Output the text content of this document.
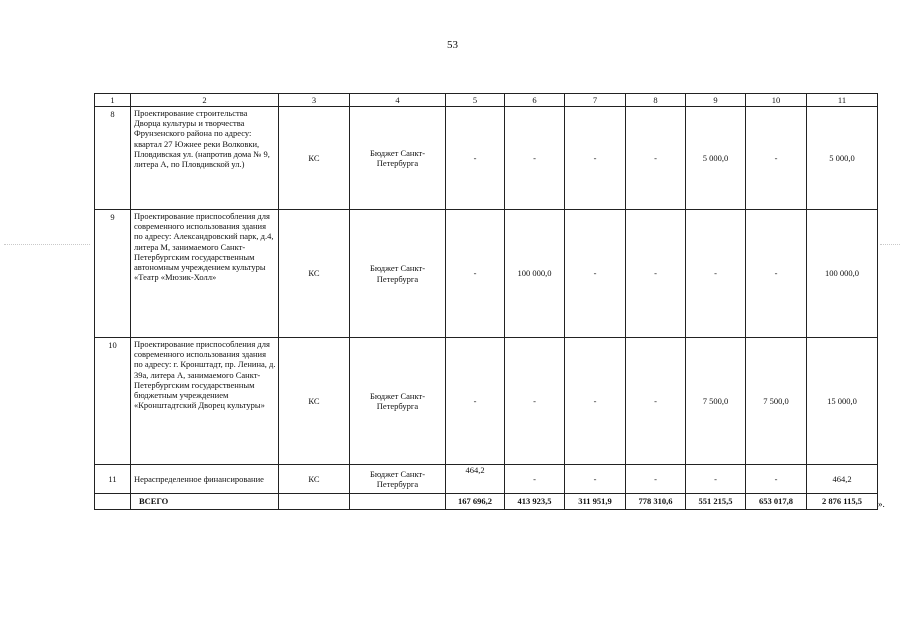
53
1	2	3	4	5	6	7	8	9	10	11
8	Проектирование строительства Дворца культуры и творчества Фрунзенского района по адресу: квартал 27 Южнее реки Волковки, Пловдивская ул. (напротив дома № 9, литера А, по Пловдивской ул.)	КС	Бюджет Санкт-Петербурга	-	-	-	-	5 000,0	-	5 000,0
9	Проектирование приспособления для современного использования здания по адресу: Александровский парк, д.4, литера М, занимаемого Санкт-Петербургским государственным автономным учреждением культуры «Театр «Мюзик-Холл»	КС	Бюджет Санкт-Петербурга	-	100 000,0	-	-	-	-	100 000,0
10	Проектирование приспособления для современного использования здания по адресу: г. Кронштадт, пр. Ленина, д. 39а, литера А, занимаемого Санкт-Петербургским государственным бюджетным учреждением «Кронштадтский Дворец культуры»	КС	Бюджет Санкт-Петербурга	-	-	-	-	7 500,0	7 500,0	15 000,0
11	Нераспределенное финансирование	КС	Бюджет Санкт-Петербурга	464,2	-	-	-	-	-	464,2
	ВСЕГО			167 696,2	413 923,5	311 951,9	778 310,6	551 215,5	653 017,8	2 876 115,5 ».
